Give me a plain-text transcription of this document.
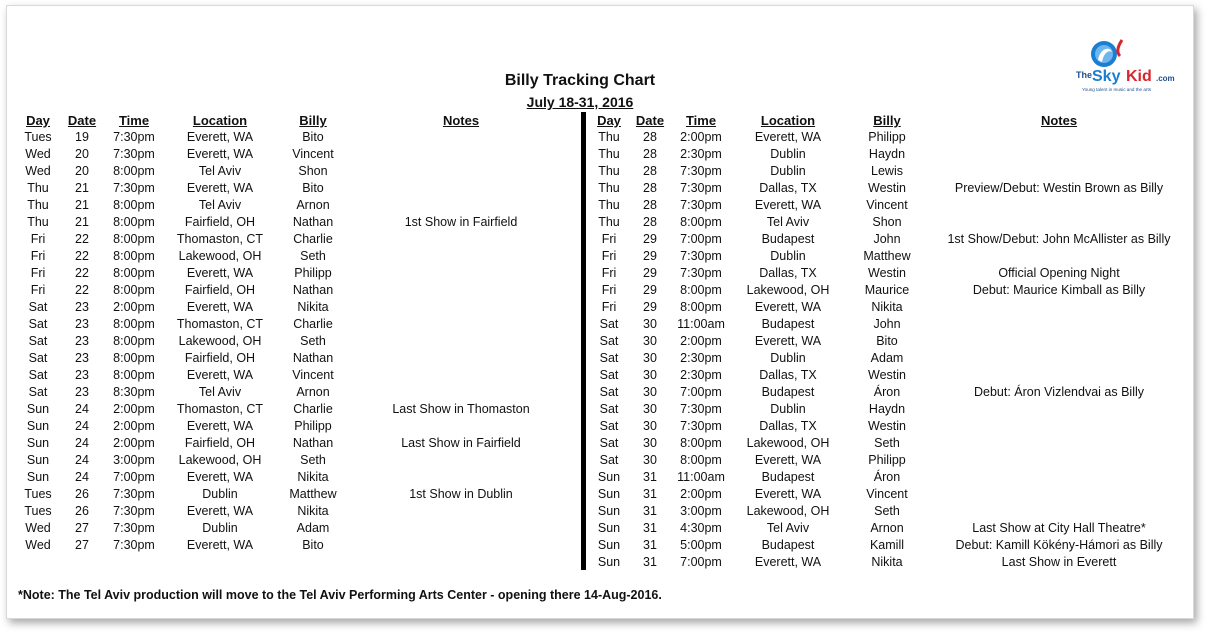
Billy Tracking Chart
July 18-31, 2016
The Sky Kid .com
Young talent in music and the arts
Day	Date	Time	Location	Billy	Notes
Tues	19	7:30pm	Everett, WA	Bito	
Wed	20	7:30pm	Everett, WA	Vincent	
Wed	20	8:00pm	Tel Aviv	Shon	
Thu	21	7:30pm	Everett, WA	Bito	
Thu	21	8:00pm	Tel Aviv	Arnon	
Thu	21	8:00pm	Fairfield, OH	Nathan	1st Show in Fairfield
Fri	22	8:00pm	Thomaston, CT	Charlie	
Fri	22	8:00pm	Lakewood, OH	Seth	
Fri	22	8:00pm	Everett, WA	Philipp	
Fri	22	8:00pm	Fairfield, OH	Nathan	
Sat	23	2:00pm	Everett, WA	Nikita	
Sat	23	8:00pm	Thomaston, CT	Charlie	
Sat	23	8:00pm	Lakewood, OH	Seth	
Sat	23	8:00pm	Fairfield, OH	Nathan	
Sat	23	8:00pm	Everett, WA	Vincent	
Sat	23	8:30pm	Tel Aviv	Arnon	
Sun	24	2:00pm	Thomaston, CT	Charlie	Last Show in Thomaston
Sun	24	2:00pm	Everett, WA	Philipp	
Sun	24	2:00pm	Fairfield, OH	Nathan	Last Show in Fairfield
Sun	24	3:00pm	Lakewood, OH	Seth	
Sun	24	7:00pm	Everett, WA	Nikita	
Tues	26	7:30pm	Dublin	Matthew	1st Show in Dublin
Tues	26	7:30pm	Everett, WA	Nikita	
Wed	27	7:30pm	Dublin	Adam	
Wed	27	7:30pm	Everett, WA	Bito	
Day	Date	Time	Location	Billy	Notes
Thu	28	2:00pm	Everett, WA	Philipp	
Thu	28	2:30pm	Dublin	Haydn	
Thu	28	7:30pm	Dublin	Lewis	
Thu	28	7:30pm	Dallas, TX	Westin	Preview/Debut: Westin Brown as Billy
Thu	28	7:30pm	Everett, WA	Vincent	
Thu	28	8:00pm	Tel Aviv	Shon	
Fri	29	7:00pm	Budapest	John	1st Show/Debut: John McAllister as Billy
Fri	29	7:30pm	Dublin	Matthew	
Fri	29	7:30pm	Dallas, TX	Westin	Official Opening Night
Fri	29	8:00pm	Lakewood, OH	Maurice	Debut: Maurice Kimball as Billy
Fri	29	8:00pm	Everett, WA	Nikita	
Sat	30	11:00am	Budapest	John	
Sat	30	2:00pm	Everett, WA	Bito	
Sat	30	2:30pm	Dublin	Adam	
Sat	30	2:30pm	Dallas, TX	Westin	
Sat	30	7:00pm	Budapest	Áron	Debut: Áron Vizlendvai as Billy
Sat	30	7:30pm	Dublin	Haydn	
Sat	30	7:30pm	Dallas, TX	Westin	
Sat	30	8:00pm	Lakewood, OH	Seth	
Sat	30	8:00pm	Everett, WA	Philipp	
Sun	31	11:00am	Budapest	Áron	
Sun	31	2:00pm	Everett, WA	Vincent	
Sun	31	3:00pm	Lakewood, OH	Seth	
Sun	31	4:30pm	Tel Aviv	Arnon	Last Show at City Hall Theatre*
Sun	31	5:00pm	Budapest	Kamill	Debut: Kamill Kökény-Hámori as Billy
Sun	31	7:00pm	Everett, WA	Nikita	Last Show in Everett
*Note: The Tel Aviv production will move to the Tel Aviv Performing Arts Center - opening there 14-Aug-2016.
